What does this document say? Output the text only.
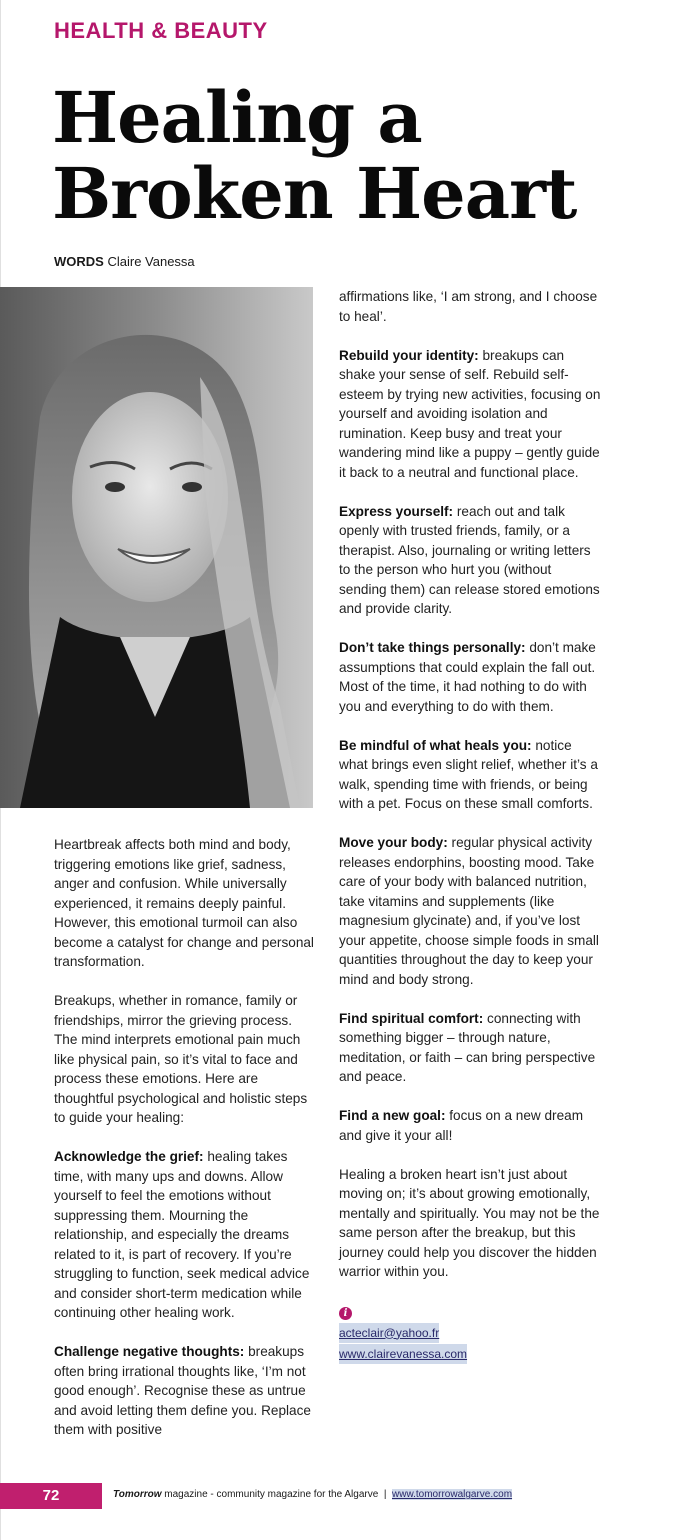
HEALTH & BEAUTY
Healing a
Broken Heart
WORDS Claire Vanessa

Heartbreak affects both mind and body, triggering emotions like grief, sadness, anger and confusion. While universally experienced, it remains deeply painful. However, this emotional turmoil can also become a catalyst for change and personal transformation.

Breakups, whether in romance, family or friendships, mirror the grieving process. The mind interprets emotional pain much like physical pain, so it’s vital to face and process these emotions. Here are thoughtful psychological and holistic steps to guide your healing:

Acknowledge the grief: healing takes time, with many ups and downs. Allow yourself to feel the emotions without suppressing them. Mourning the relationship, and especially the dreams related to it, is part of recovery. If you’re struggling to function, seek medical advice and consider short-term medication while continuing other healing work.

Challenge negative thoughts: breakups often bring irrational thoughts like, ‘I’m not good enough’. Recognise these as untrue and avoid letting them define you. Replace them with positive

affirmations like, ‘I am strong, and I choose to heal’.

Rebuild your identity: breakups can shake your sense of self. Rebuild self-esteem by trying new activities, focusing on yourself and avoiding isolation and rumination. Keep busy and treat your wandering mind like a puppy – gently guide it back to a neutral and functional place.

Express yourself: reach out and talk openly with trusted friends, family, or a therapist. Also, journaling or writing letters to the person who hurt you (without sending them) can release stored emotions and provide clarity.

Don’t take things personally: don’t make assumptions that could explain the fall out. Most of the time, it had nothing to do with you and everything to do with them.

Be mindful of what heals you: notice what brings even slight relief, whether it’s a walk, spending time with friends, or being with a pet. Focus on these small comforts.

Move your body: regular physical activity releases endorphins, boosting mood. Take care of your body with balanced nutrition, take vitamins and supplements (like magnesium glycinate) and, if you’ve lost your appetite, choose simple foods in small quantities throughout the day to keep your mind and body strong.

Find spiritual comfort: connecting with something bigger – through nature, meditation, or faith – can bring perspective and peace.

Find a new goal: focus on a new dream and give it your all!

Healing a broken heart isn’t just about moving on; it’s about growing emotionally, mentally and spiritually. You may not be the same person after the breakup, but this journey could help you discover the hidden warrior within you.

i
acteclair@yahoo.fr
www.clairevanessa.com
72	Tomorrow magazine - community magazine for the Algarve  |  www.tomorrowalgarve.com
